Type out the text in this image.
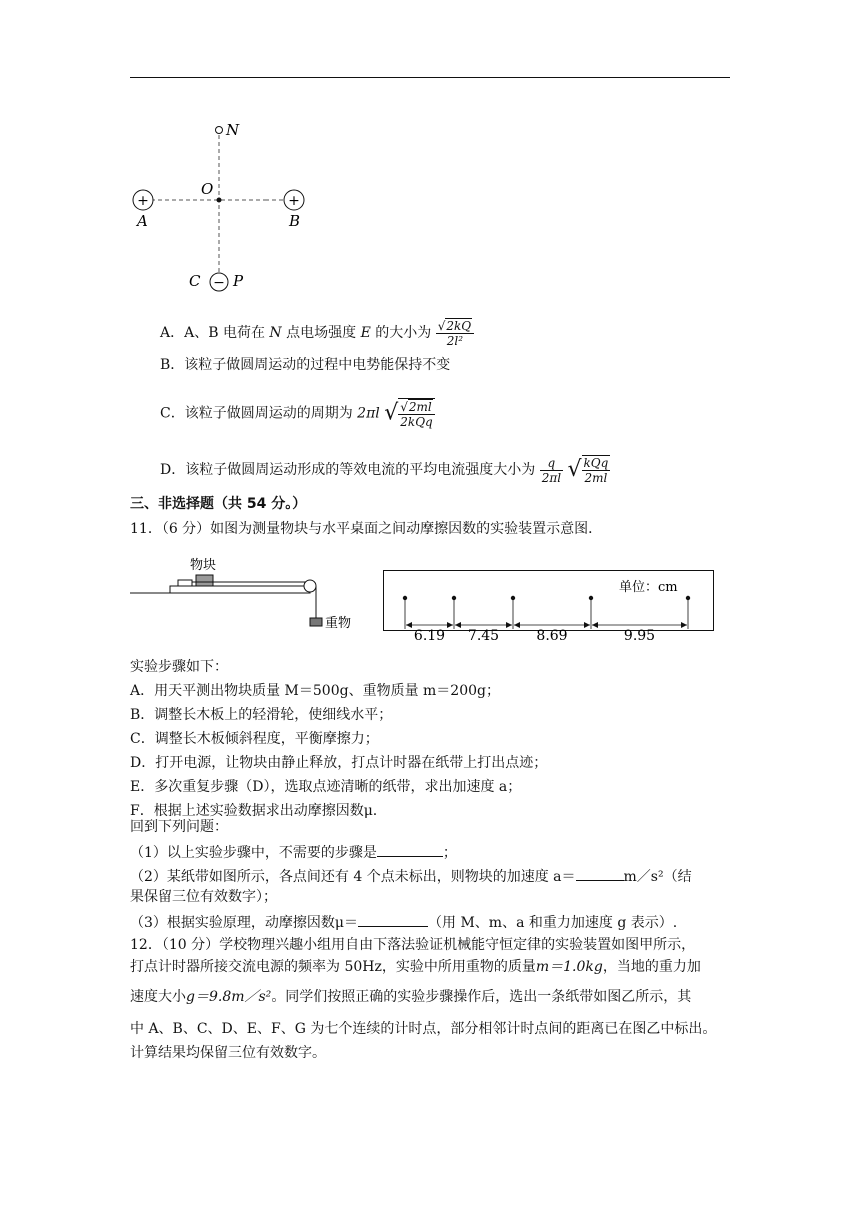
+
−
N
O
A
C P
+
B
A．A、B 电荷在 N 点电场强度 E 的大小为 $\frac{√2kQ}{\text{2l²}}$
B．该粒子做圆周运动的过程中电势能保持不变
C．该粒子做圆周运动的周期为 2πl √ $\frac{√2ml}{\text{2kQq}}$
D．该粒子做圆周运动形成的等效电流的平均电流强度大小为 $\frac{q}{2\pi l}$ √ $\frac{\text{kQq}}{2ml}$
三、非选择题（共 54 分。）
11．（6 分）如图为测量物块与水平桌面之间动摩擦因数的实验装置示意图．
物块
重物
单位：cm
6.19 7.45	8.69	9.95
实验步骤如下：
A．用天平测出物块质量 M＝500g、重物质量 m＝200g；
B．调整长木板上的轻滑轮，使细线水平；
C．调整长木板倾斜程度，平衡摩擦力；
D．打开电源，让物块由静止释放，打点计时器在纸带上打出点迹；
E．多次重复步骤（D），选取点迹清晰的纸带，求出加速度 a；
F．根据上述实验数据求出动摩擦因数μ.
回到下列问题：
（1）以上实验步骤中，不需要的步骤是	；
（2）某纸带如图所示，各点间还有 4 个点未标出，则物块的加速度 a＝	m／s²（结
果保留三位有效数字）；
（3）根据实验原理，动摩擦因数μ＝	（用 M、m、a 和重力加速度 g 表示）.
12．（10 分）学校物理兴趣小组用自由下落法验证机械能守恒定律的实验装置如图甲所示，
打点计时器所接交流电源的频率为 50Hz，实验中所用重物的质量m＝1.0kg，当地的重力加
速度大小g＝9.8m／s²。同学们按照正确的实验步骤操作后，选出一条纸带如图乙所示，其
中 A、B、C、D、E、F、G 为七个连续的计时点，部分相邻计时点间的距离已在图乙中标出。
计算结果均保留三位有效数字。
